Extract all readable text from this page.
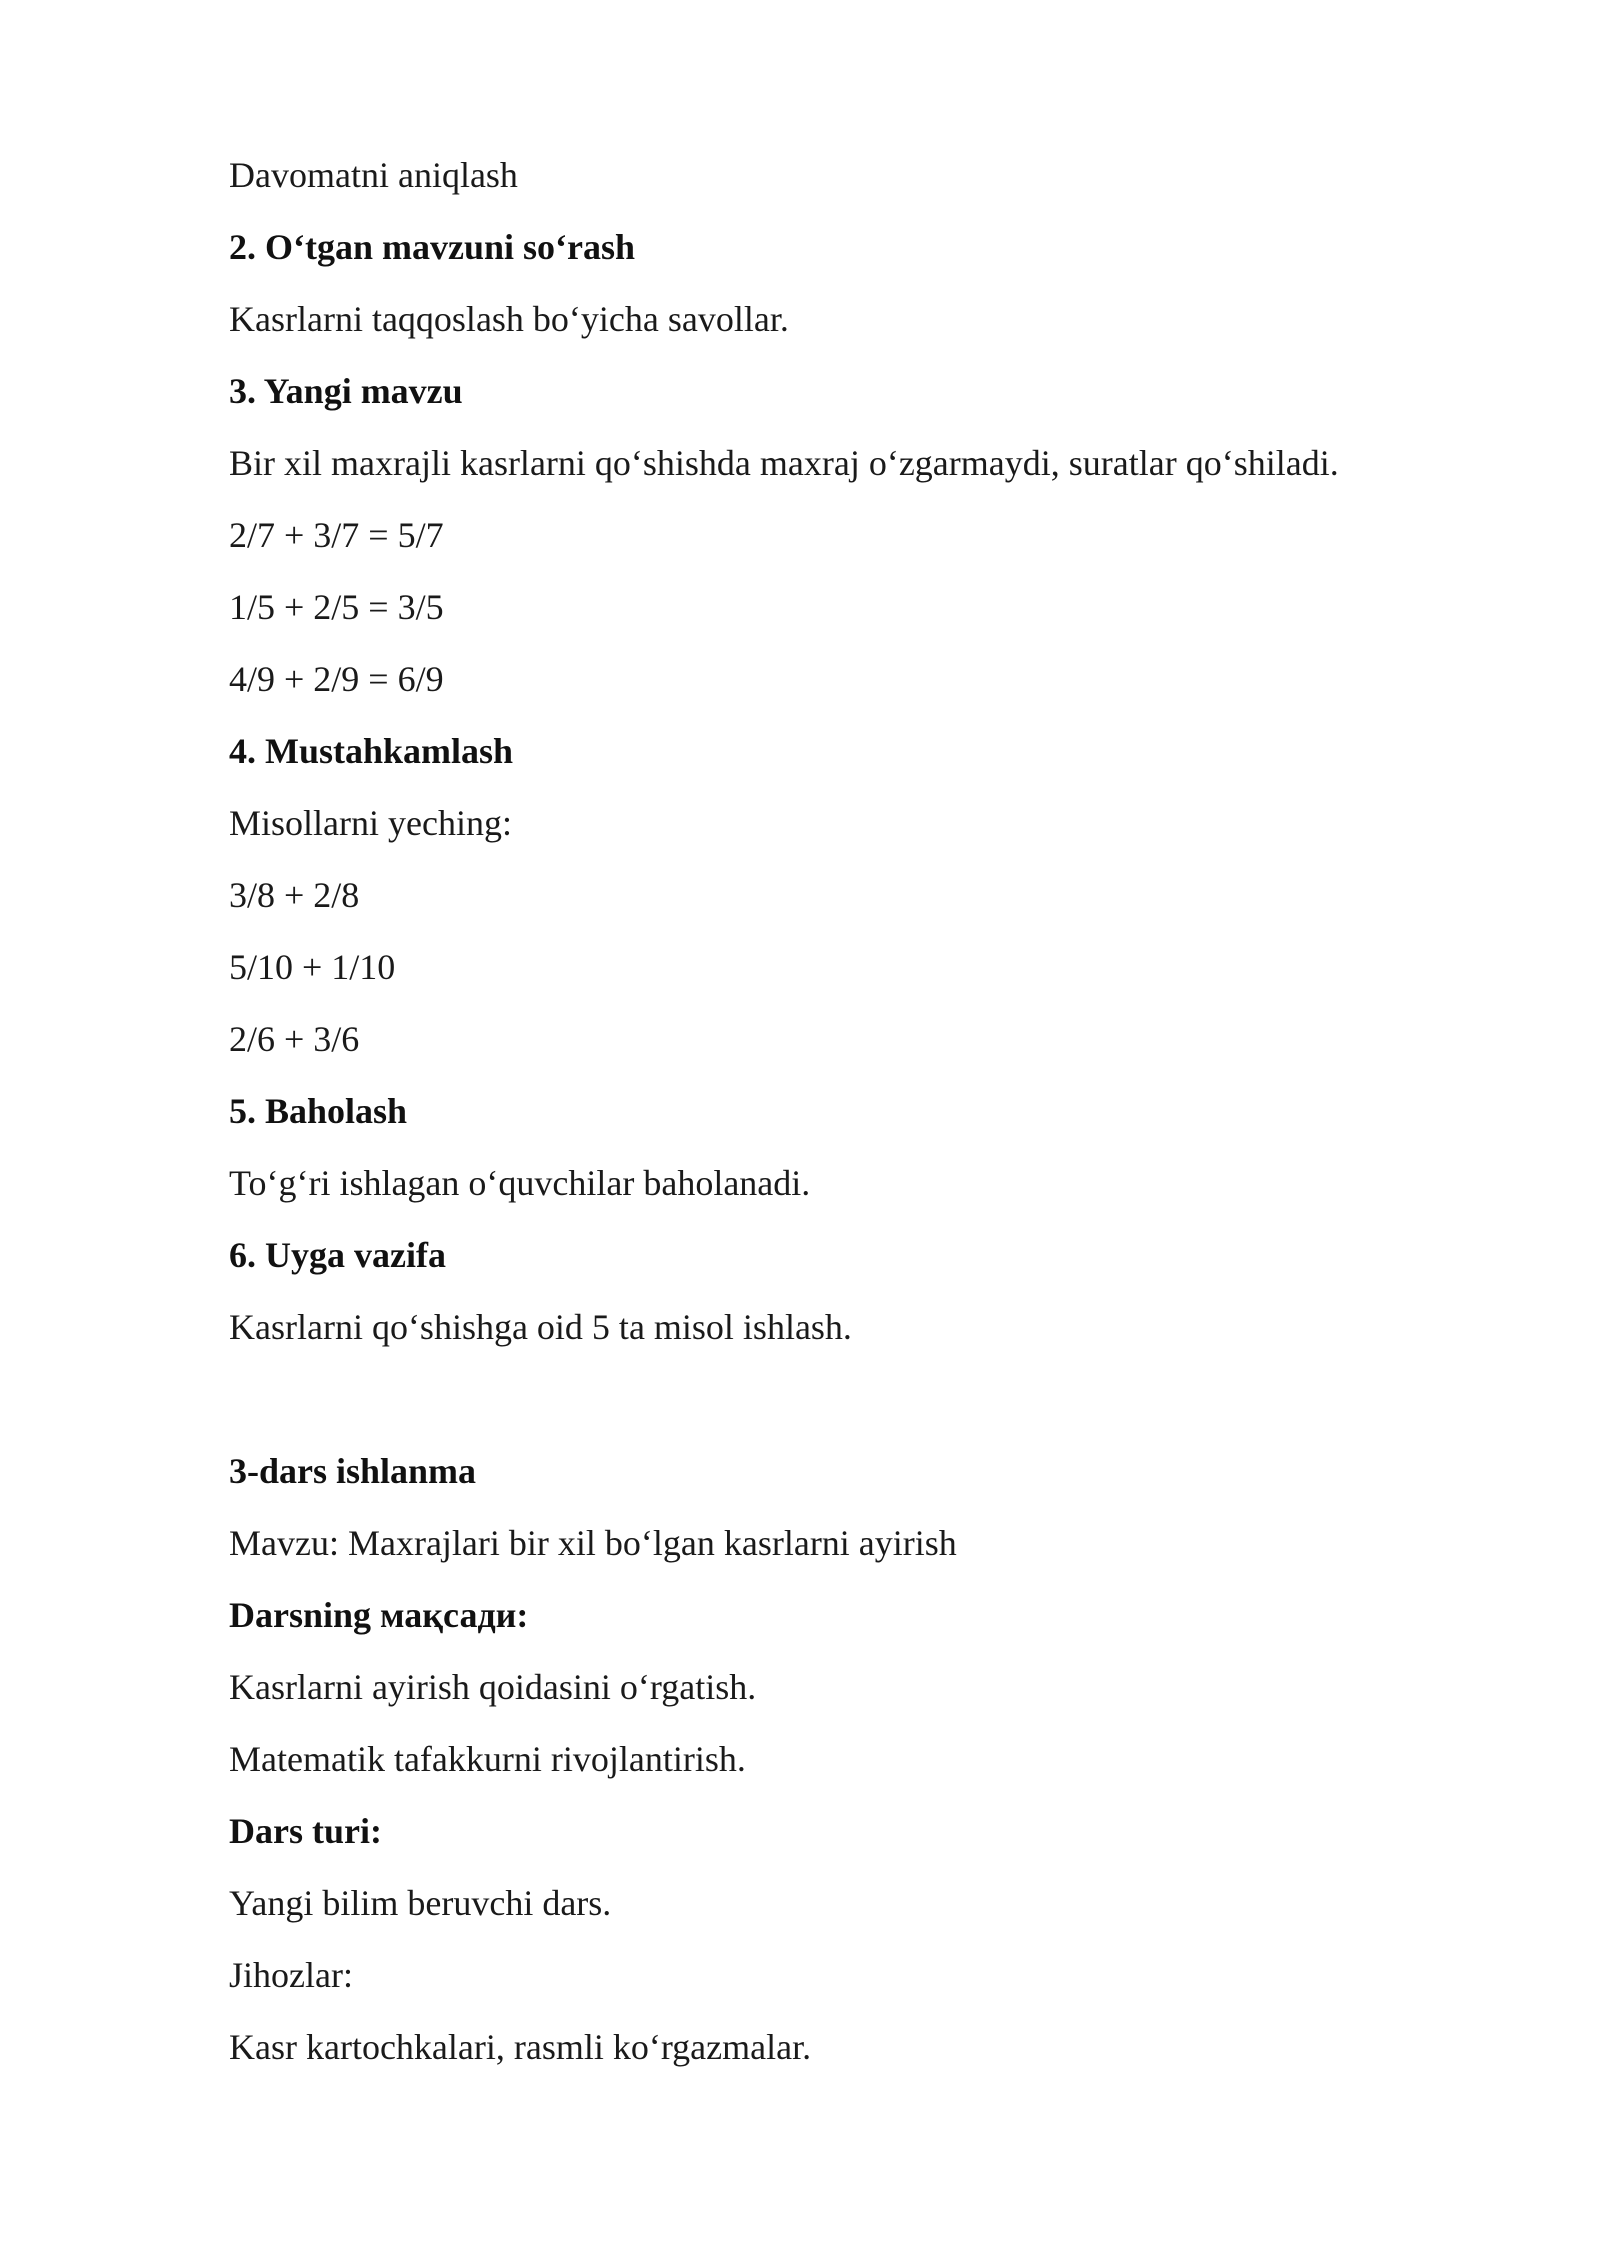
Davomatni aniqlash
2. O‘tgan mavzuni so‘rash
Kasrlarni taqqoslash bo‘yicha savollar.
3. Yangi mavzu
Bir xil maxrajli kasrlarni qo‘shishda maxraj o‘zgarmaydi, suratlar qo‘shiladi.
2/7 + 3/7 = 5/7
1/5 + 2/5 = 3/5
4/9 + 2/9 = 6/9
4. Mustahkamlash
Misollarni yeching:
3/8 + 2/8
5/10 + 1/10
2/6 + 3/6
5. Baholash
To‘g‘ri ishlagan o‘quvchilar baholanadi.
6. Uyga vazifa
Kasrlarni qo‘shishga oid 5 ta misol ishlash.
3-dars ishlanma
Mavzu: Maxrajlari bir xil bo‘lgan kasrlarni ayirish
Darsning мақсади:
Kasrlarni ayirish qoidasini o‘rgatish.
Matematik tafakkurni rivojlantirish.
Dars turi:
Yangi bilim beruvchi dars.
Jihozlar:
Kasr kartochkalari, rasmli ko‘rgazmalar.
